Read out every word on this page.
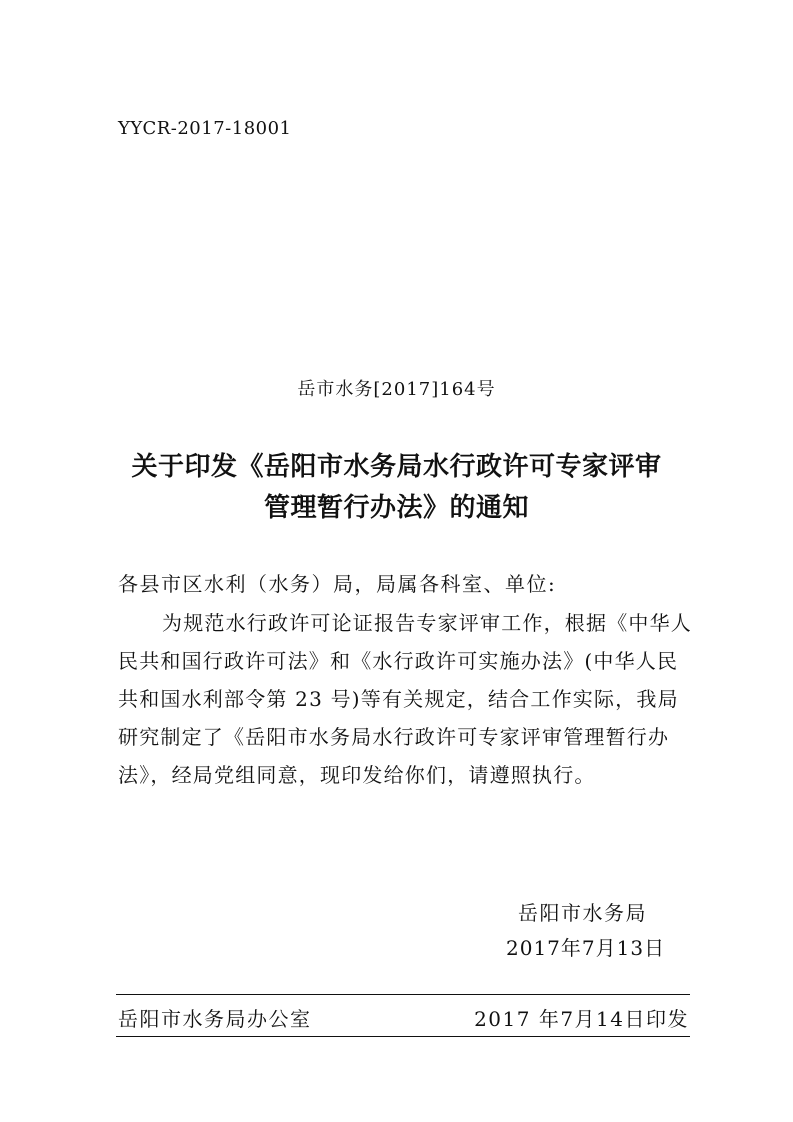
YYCR-2017-18001
岳市水务[2017]164号
关于印发《岳阳市水务局水行政许可专家评审
管理暂行办法》的通知
各县市区水利（水务）局，局属各科室、单位:
为规范水行政许可论证报告专家评审工作，根据《中华人
民共和国行政许可法》和《水行政许可实施办法》(中华人民
共和国水利部令第 23 号)等有关规定，结合工作实际，我局
研究制定了《岳阳市水务局水行政许可专家评审管理暂行办
法》，经局党组同意，现印发给你们，请遵照执行。
岳阳市水务局
2017年7月13日
岳阳市水务局办公室	2017 年7月14日印发
